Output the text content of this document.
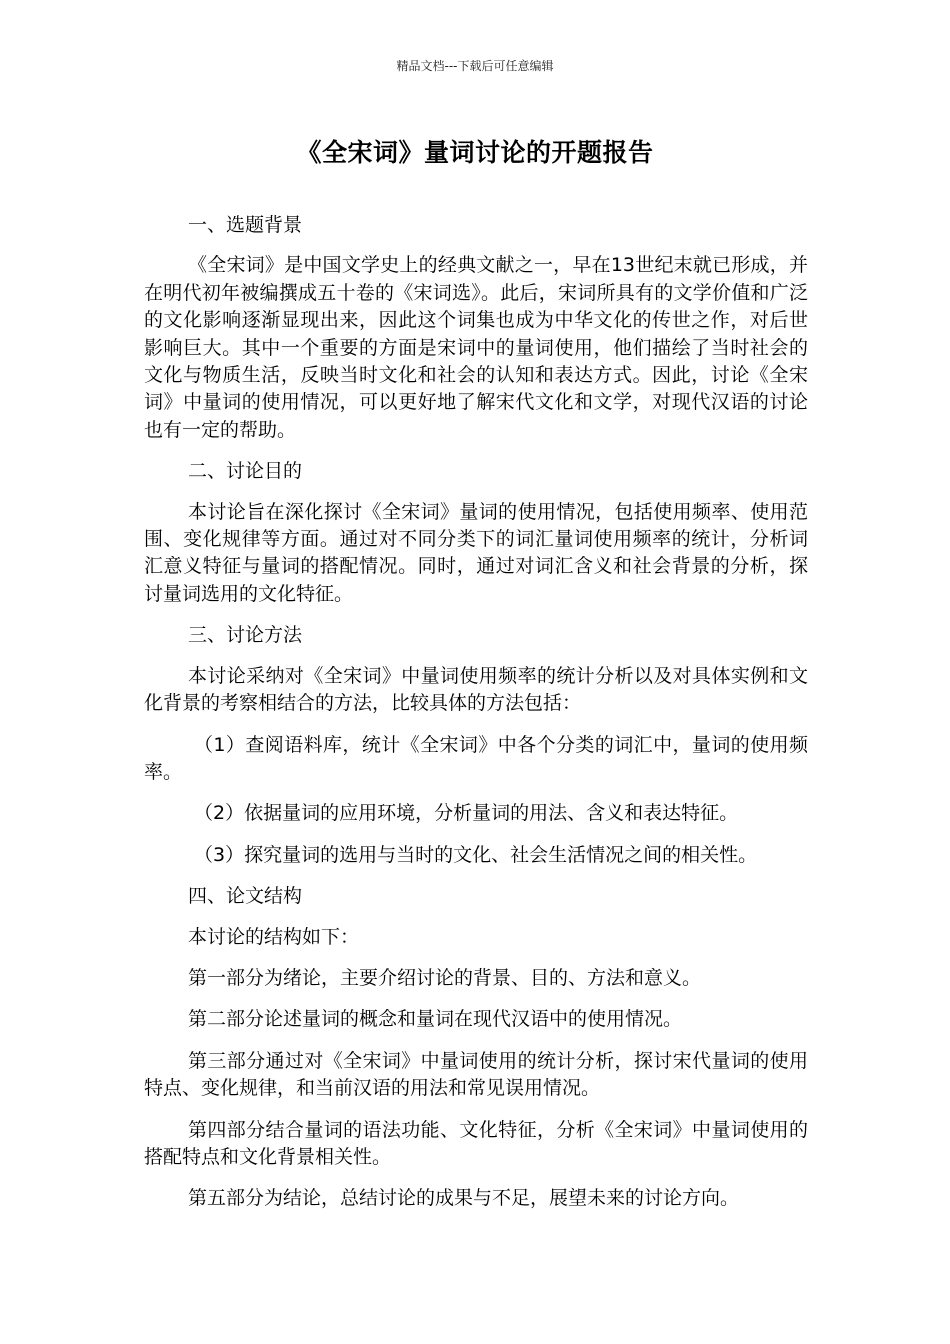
精品文档---下载后可任意编辑
《全宋词》量词讨论的开题报告

一、选题背景

《全宋词》是中国文学史上的经典文献之一，早在13世纪末就已形成，并在明代初年被编撰成五十卷的《宋词选》。此后，宋词所具有的文学价值和广泛的文化影响逐渐显现出来，因此这个词集也成为中华文化的传世之作，对后世影响巨大。其中一个重要的方面是宋词中的量词使用，他们描绘了当时社会的文化与物质生活，反映当时文化和社会的认知和表达方式。因此，讨论《全宋词》中量词的使用情况，可以更好地了解宋代文化和文学，对现代汉语的讨论也有一定的帮助。

二、讨论目的

本讨论旨在深化探讨《全宋词》量词的使用情况，包括使用频率、使用范围、变化规律等方面。通过对不同分类下的词汇量词使用频率的统计，分析词汇意义特征与量词的搭配情况。同时，通过对词汇含义和社会背景的分析，探讨量词选用的文化特征。

三、讨论方法

本讨论采纳对《全宋词》中量词使用频率的统计分析以及对具体实例和文化背景的考察相结合的方法，比较具体的方法包括：

（1）查阅语料库，统计《全宋词》中各个分类的词汇中，量词的使用频率。

（2）依据量词的应用环境，分析量词的用法、含义和表达特征。

（3）探究量词的选用与当时的文化、社会生活情况之间的相关性。

四、论文结构

本讨论的结构如下：

第一部分为绪论，主要介绍讨论的背景、目的、方法和意义。

第二部分论述量词的概念和量词在现代汉语中的使用情况。

第三部分通过对《全宋词》中量词使用的统计分析，探讨宋代量词的使用特点、变化规律，和当前汉语的用法和常见误用情况。

第四部分结合量词的语法功能、文化特征，分析《全宋词》中量词使用的搭配特点和文化背景相关性。

第五部分为结论，总结讨论的成果与不足，展望未来的讨论方向。
